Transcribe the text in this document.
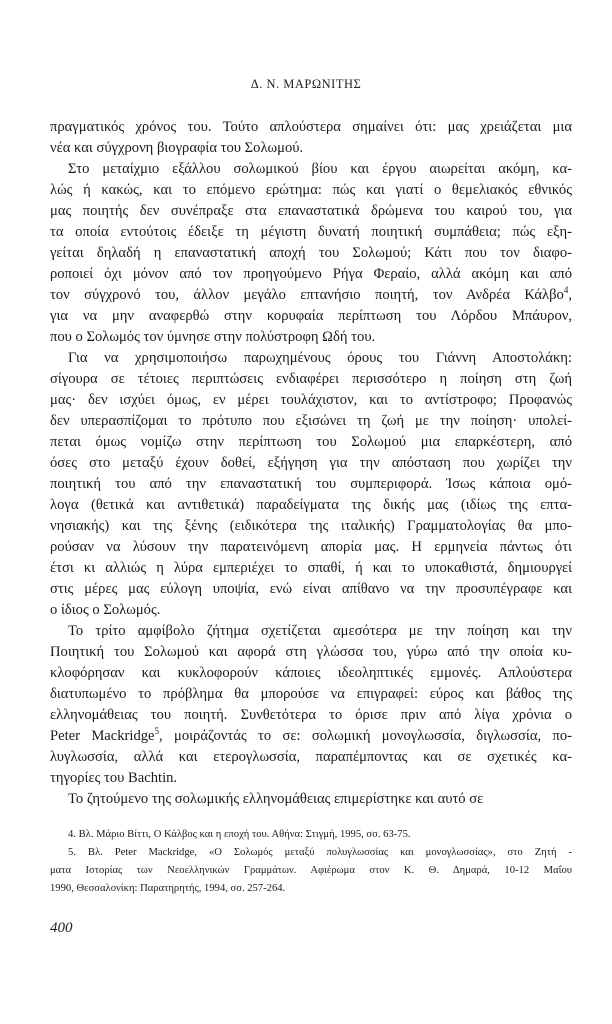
Δ. Ν. ΜΑΡΩΝΙΤΗΣ
πραγματικός χρόνος του. Τούτο απλούστερα σημαίνει ότι: μας χρειάζεται μια
νέα και σύγχρονη βιογραφία του Σολωμού.
Στο μεταίχμιο εξάλλου σολωμικού βίου και έργου αιωρείται ακόμη, κα-
λώς ή κακώς, και το επόμενο ερώτημα: πώς και γιατί ο θεμελιακός εθνικός
μας ποιητής δεν συνέπραξε στα επαναστατικά δρώμενα του καιρού του, για
τα οποία εντούτοις έδειξε τη μέγιστη δυνατή ποιητική συμπάθεια; πώς εξη-
γείται δηλαδή η επαναστατική αποχή του Σολωμού; Κάτι που τον διαφο-
ροποιεί όχι μόνον από τον προηγούμενο Ρήγα Φεραίο, αλλά ακόμη και από
τον σύγχρονό του, άλλον μεγάλο επτανήσιο ποιητή, τον Ανδρέα Κάλβο$^4$,
για να μην αναφερθώ στην κορυφαία περίπτωση του Λόρδου Μπάυρον,
που ο Σολωμός τον ύμνησε στην πολύστροφη Ωδή του.
Για να χρησιμοποιήσω παρωχημένους όρους του Γιάννη Αποστολάκη:
σίγουρα σε τέτοιες περιπτώσεις ενδιαφέρει περισσότερο η ποίηση στη ζωή
μας· δεν ισχύει όμως, εν μέρει τουλάχιστον, και το αντίστροφο; Προφανώς
δεν υπερασπίζομαι το πρότυπο που εξισώνει τη ζωή με την ποίηση· υπολεί-
πεται όμως νομίζω στην περίπτωση του Σολωμού μια επαρκέστερη, από
όσες στο μεταξύ έχουν δοθεί, εξήγηση για την απόσταση που χωρίζει την
ποιητική του από την επαναστατική του συμπεριφορά. Ίσως κάποια ομό-
λογα (θετικά και αντιθετικά) παραδείγματα της δικής μας (ιδίως της επτα-
νησιακής) και της ξένης (ειδικότερα της ιταλικής) Γραμματολογίας θα μπο-
ρούσαν να λύσουν την παρατεινόμενη απορία μας. Η ερμηνεία πάντως ότι
έτσι κι αλλιώς η λύρα εμπεριέχει το σπαθί, ή και το υποκαθιστά, δημιουργεί
στις μέρες μας εύλογη υποψία, ενώ είναι απίθανο να την προσυπέγραφε και
ο ίδιος ο Σολωμός.
Το τρίτο αμφίβολο ζήτημα σχετίζεται αμεσότερα με την ποίηση και την
Ποιητική του Σολωμού και αφορά στη γλώσσα του, γύρω από την οποία κυ-
κλοφόρησαν και κυκλοφορούν κάποιες ιδεοληπτικές εμμονές. Απλούστερα
διατυπωμένο το πρόβλημα θα μπορούσε να επιγραφεί: εύρος και βάθος της
ελληνομάθειας του ποιητή. Συνθετότερα το όρισε πριν από λίγα χρόνια ο
Peter Mackridge$^5$, μοιράζοντάς το σε: σολωμική μονογλωσσία, διγλωσσία, πο-
λυγλωσσία, αλλά και ετερογλωσσία, παραπέμποντας και σε σχετικές κα-
τηγορίες του Bachtin.
Το ζητούμενο της σολωμικής ελληνομάθειας επιμερίστηκε και αυτό σε
4. Βλ. Μάριο Βίττι, Ο Κάλβος και η εποχή του. Αθήνα: Στιγμή, 1995, σσ. 63-75.
5. Βλ. Peter Mackridge, «Ο Σολωμός μεταξύ πολυγλωσσίας και μονογλωσσίας», στο Ζητή -
ματα Ιστορίας των Νεοελληνικών Γραμμάτων. Αφιέρωμα στον Κ. Θ. Δημαρά, 10-12 Μαΐου
1990, Θεσσαλονίκη: Παρατηρητής, 1994, σσ. 257-264.
400
